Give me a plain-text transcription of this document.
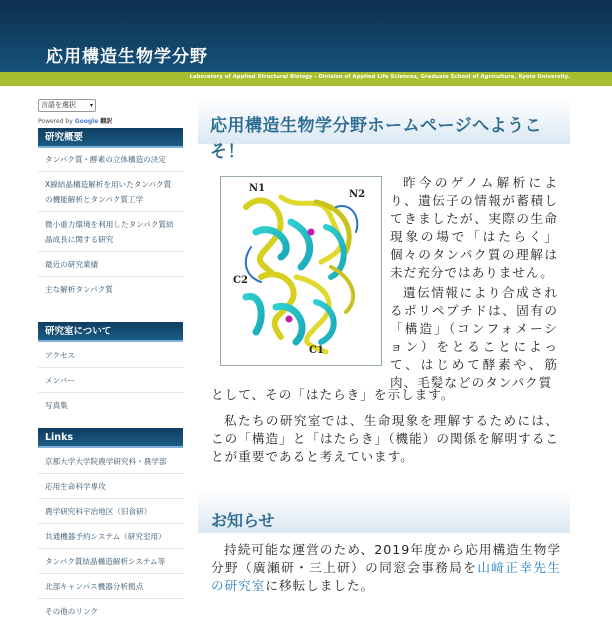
応用構造生物学分野
Laboratory of Applied Structural Biology - Division of Applied Life Sciences, Graduate School of Agriculture, Kyoto University.
言語を選択 ▾
Powered by Google 翻訳
研究概要
タンパク質・酵素の立体構造の決定
X線結晶構造解析を用いたタンパク質の機能解析とタンパク質工学
微小重力環境を利用したタンパク質結晶成長に関する研究
最近の研究業績
主な解析タンパク質
研究室について
アクセス
メンバー
写真集
Links
京都大学大学院農学研究科・農学部
応用生命科学専攻
農学研究科宇治地区（旧食研）
共通機器予約システム（研究室用）
タンパク質結晶構造解析システム等
北部キャンパス機器分析拠点
その他のリンク
応用構造生物学分野ホームページへようこそ！
N1
N2
C2
C1
昨今のゲノム解析により、遺伝子の情報が蓄積してきましたが、実際の生命現象の場で「はたらく」個々のタンパク質の理解は未だ充分ではありません。
遺伝情報により合成されるポリペプチドは、固有の「構造」（コンフォメーション）をとることによって、はじめて酵素や、筋肉、毛髪などのタンパク質
として、その「はたらき」を示します。
私たちの研究室では、生命現象を理解するためには、この「構造」と「はたらき」（機能）の関係を解明することが重要であると考えています。
お知らせ
持続可能な運営のため、2019年度から応用構造生物学分野（廣瀬研・三上研）の同窓会事務局を山﨑正幸先生の研究室に移転しました。
